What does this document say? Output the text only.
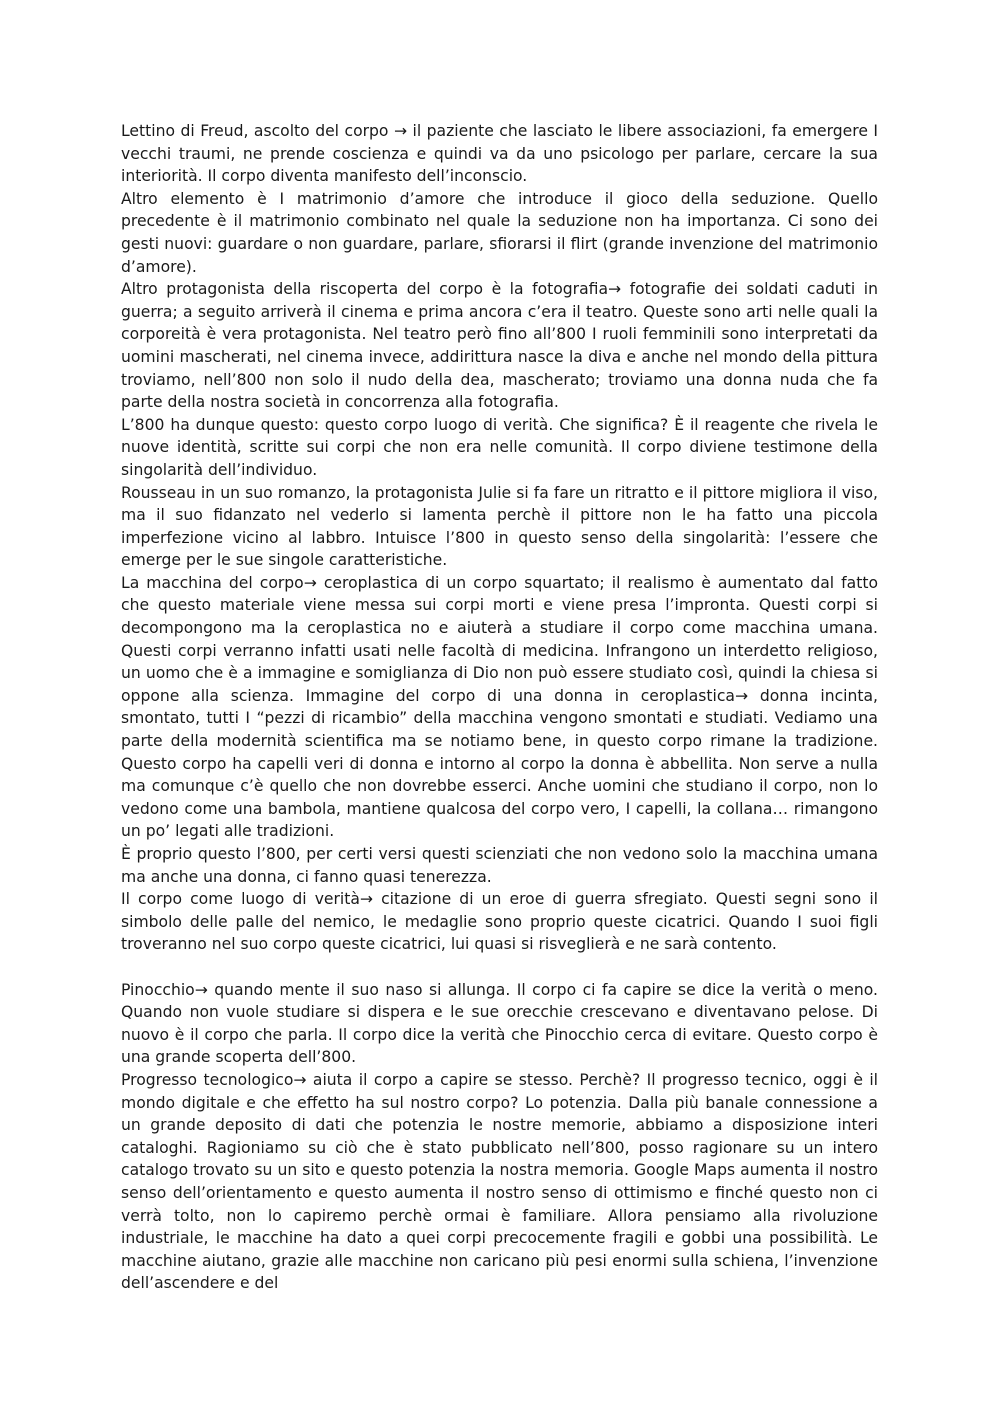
Lettino di Freud, ascolto del corpo → il paziente che lasciato le libere associazioni, fa emergere I vecchi traumi, ne prende coscienza e quindi va da uno psicologo per parlare, cercare la sua interiorità. Il corpo diventa manifesto dell’inconscio.

Altro elemento è I matrimonio d’amore che introduce il gioco della seduzione. Quello precedente è il matrimonio combinato nel quale la seduzione non ha importanza. Ci sono dei gesti nuovi: guardare o non guardare, parlare, sfiorarsi il flirt (grande invenzione del matrimonio d’amore).

Altro protagonista della riscoperta del corpo è la fotografia→ fotografie dei soldati caduti in guerra; a seguito arriverà il cinema e prima ancora c’era il teatro. Queste sono arti nelle quali la corporeità è vera protagonista. Nel teatro però fino all’800 I ruoli femminili sono interpretati da uomini mascherati, nel cinema invece, addirittura nasce la diva e anche nel mondo della pittura troviamo, nell’800 non solo il nudo della dea, mascherato; troviamo una donna nuda che fa parte della nostra società in concorrenza alla fotografia.

L’800 ha dunque questo: questo corpo luogo di verità. Che significa? È il reagente che rivela le nuove identità, scritte sui corpi che non era nelle comunità. Il corpo diviene testimone della singolarità dell’individuo.

Rousseau in un suo romanzo, la protagonista Julie si fa fare un ritratto e il pittore migliora il viso, ma il suo fidanzato nel vederlo si lamenta perchè il pittore non le ha fatto una piccola imperfezione vicino al labbro. Intuisce l’800 in questo senso della singolarità: l’essere che emerge per le sue singole caratteristiche.

La macchina del corpo→ ceroplastica di un corpo squartato; il realismo è aumentato dal fatto che questo materiale viene messa sui corpi morti e viene presa l’impronta. Questi corpi si decompongono ma la ceroplastica no e aiuterà a studiare il corpo come macchina umana. Questi corpi verranno infatti usati nelle facoltà di medicina. Infrangono un interdetto religioso, un uomo che è a immagine e somiglianza di Dio non può essere studiato così, quindi la chiesa si oppone alla scienza. Immagine del corpo di una donna in ceroplastica→ donna incinta, smontato, tutti I “pezzi di ricambio” della macchina vengono smontati e studiati. Vediamo una parte della modernità scientifica ma se notiamo bene, in questo corpo rimane la tradizione. Questo corpo ha capelli veri di donna e intorno al corpo la donna è abbellita. Non serve a nulla ma comunque c’è quello che non dovrebbe esserci. Anche uomini che studiano il corpo, non lo vedono come una bambola, mantiene qualcosa del corpo vero, I capelli, la collana… rimangono un po’ legati alle tradizioni.

È proprio questo l’800, per certi versi questi scienziati che non vedono solo la macchina umana ma anche una donna, ci fanno quasi tenerezza.

Il corpo come luogo di verità→ citazione di un eroe di guerra sfregiato. Questi segni sono il simbolo delle palle del nemico, le medaglie sono proprio queste cicatrici. Quando I suoi figli troveranno nel suo corpo queste cicatrici, lui quasi si risveglierà e ne sarà contento.

Pinocchio→ quando mente il suo naso si allunga. Il corpo ci fa capire se dice la verità o meno. Quando non vuole studiare si dispera e le sue orecchie crescevano e diventavano pelose. Di nuovo è il corpo che parla. Il corpo dice la verità che Pinocchio cerca di evitare. Questo corpo è una grande scoperta dell’800.

Progresso tecnologico→ aiuta il corpo a capire se stesso. Perchè? Il progresso tecnico, oggi è il mondo digitale e che effetto ha sul nostro corpo? Lo potenzia. Dalla più banale connessione a un grande deposito di dati che potenzia le nostre memorie, abbiamo a disposizione interi cataloghi. Ragioniamo su ciò che è stato pubblicato nell’800, posso ragionare su un intero catalogo trovato su un sito e questo potenzia la nostra memoria. Google Maps aumenta il nostro senso dell’orientamento e questo aumenta il nostro senso di ottimismo e finché questo non ci verrà tolto, non lo capiremo perchè ormai è familiare. Allora pensiamo alla rivoluzione industriale, le macchine ha dato a quei corpi precocemente fragili e gobbi una possibilità. Le macchine aiutano, grazie alle macchine non caricano più pesi enormi sulla schiena, l’invenzione dell’ascendere e del
